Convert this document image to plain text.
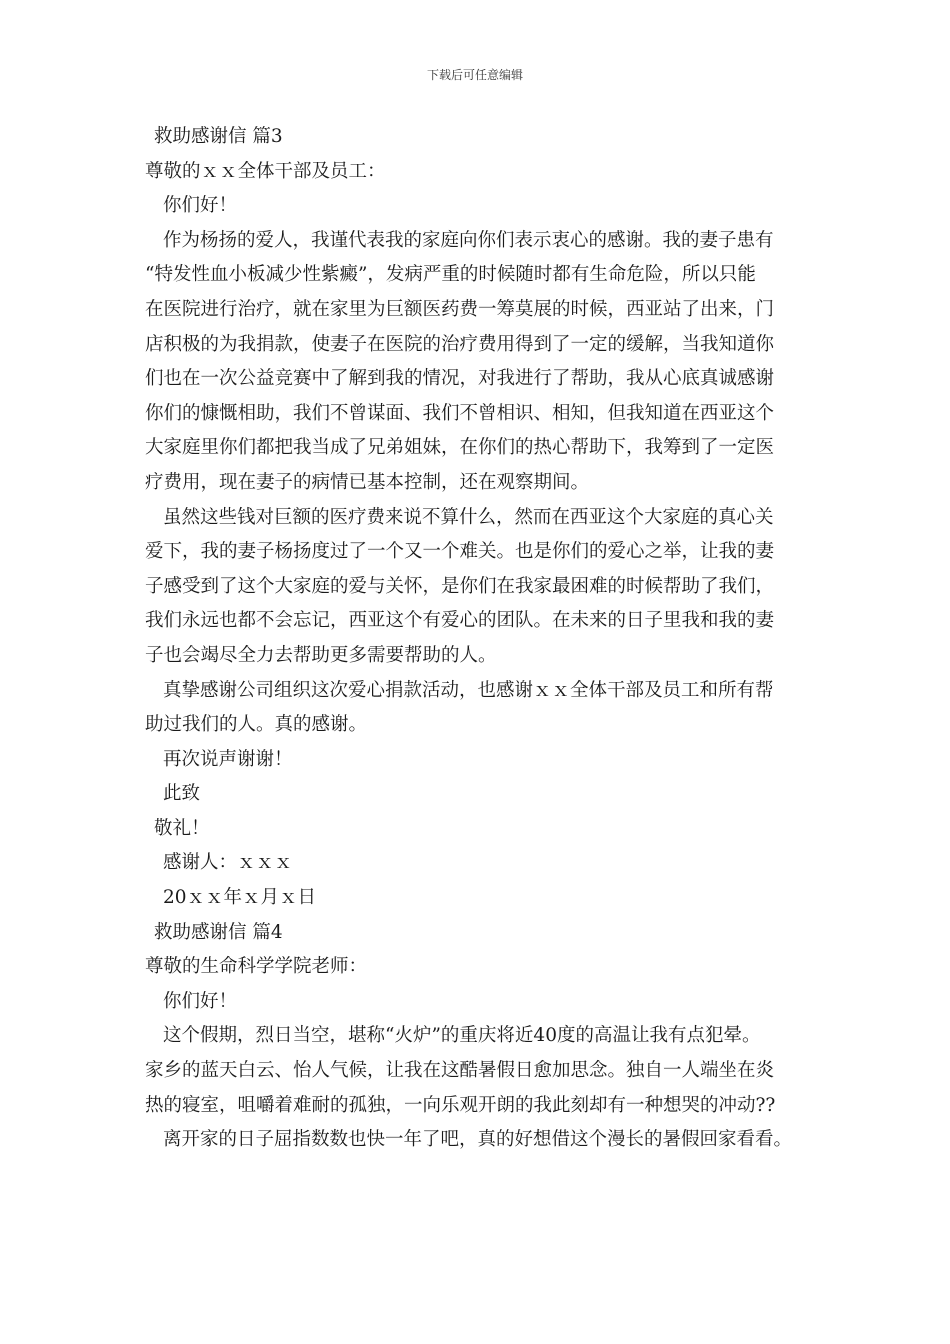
下载后可任意编辑
救助感谢信 篇3
尊敬的ｘｘ全体干部及员工：
你们好！
作为杨扬的爱人，我谨代表我的家庭向你们表示衷心的感谢。我的妻子患有
“特发性血小板减少性紫癜”，发病严重的时候随时都有生命危险，所以只能
在医院进行治疗，就在家里为巨额医药费一筹莫展的时候，西亚站了出来，门
店积极的为我捐款，使妻子在医院的治疗费用得到了一定的缓解，当我知道你
们也在一次公益竞赛中了解到我的情况，对我进行了帮助，我从心底真诚感谢
你们的慷慨相助，我们不曾谋面、我们不曾相识、相知，但我知道在西亚这个
大家庭里你们都把我当成了兄弟姐妹，在你们的热心帮助下，我筹到了一定医
疗费用，现在妻子的病情已基本控制，还在观察期间。
虽然这些钱对巨额的医疗费来说不算什么，然而在西亚这个大家庭的真心关
爱下，我的妻子杨扬度过了一个又一个难关。也是你们的爱心之举，让我的妻
子感受到了这个大家庭的爱与关怀，是你们在我家最困难的时候帮助了我们，
我们永远也都不会忘记，西亚这个有爱心的团队。在未来的日子里我和我的妻
子也会竭尽全力去帮助更多需要帮助的人。
真挚感谢公司组织这次爱心捐款活动，也感谢ｘｘ全体干部及员工和所有帮
助过我们的人。真的感谢。
再次说声谢谢！
此致
敬礼！
感谢人：ｘｘｘ
20ｘｘ年ｘ月ｘ日
救助感谢信 篇4
尊敬的生命科学学院老师：
你们好！
这个假期，烈日当空，堪称“火炉”的重庆将近40度的高温让我有点犯晕。
家乡的蓝天白云、怡人气候，让我在这酷暑假日愈加思念。独自一人端坐在炎
热的寝室，咀嚼着难耐的孤独，一向乐观开朗的我此刻却有一种想哭的冲动??
离开家的日子屈指数数也快一年了吧，真的好想借这个漫长的暑假回家看看。
